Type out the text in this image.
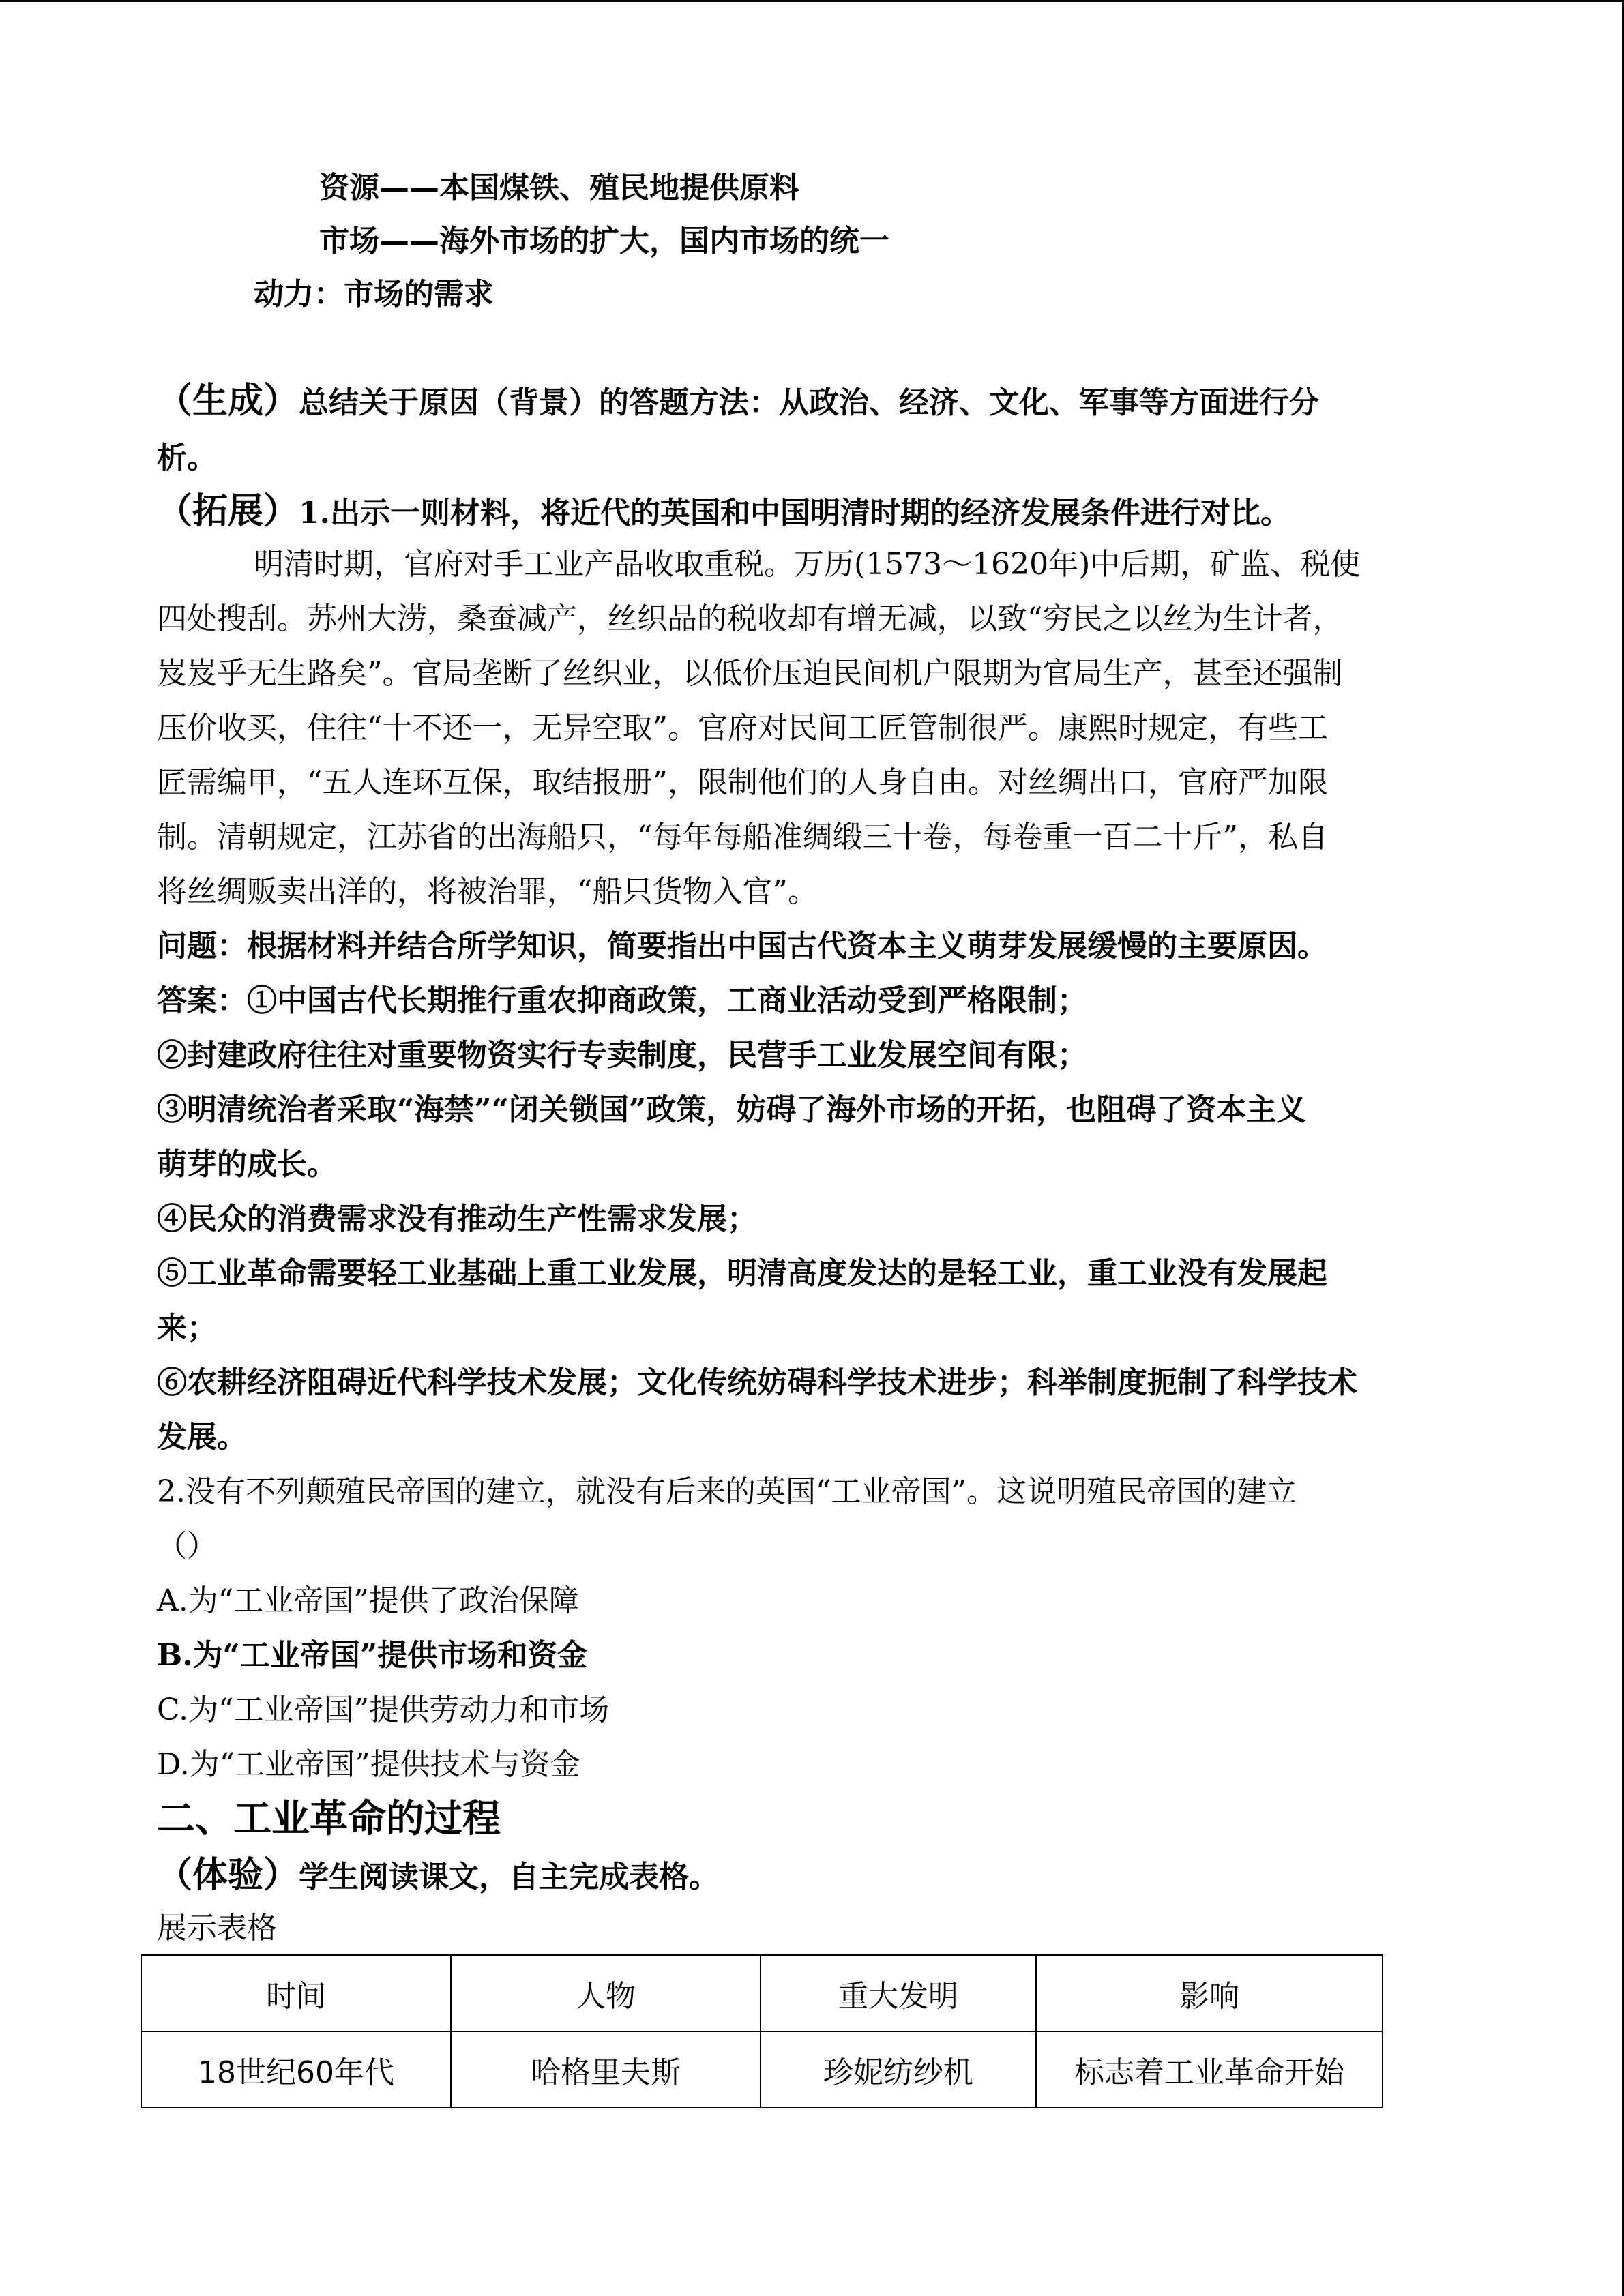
资源——本国煤铁、殖民地提供原料
市场——海外市场的扩大，国内市场的统一
动力：市场的需求
（生成）总结关于原因（背景）的答题方法：从政治、经济、文化、军事等方面进行分
析。
（拓展）1.出示一则材料，将近代的英国和中国明清时期的经济发展条件进行对比。
明清时期，官府对手工业产品收取重税。万历(1573～1620年)中后期，矿监、税使
四处搜刮。苏州大涝，桑蚕减产，丝织品的税收却有增无减，以致“穷民之以丝为生计者，
岌岌乎无生路矣”。官局垄断了丝织业，以低价压迫民间机户限期为官局生产，甚至还强制
压价收买，住往“十不还一，无异空取”。官府对民间工匠管制很严。康熙时规定，有些工
匠需编甲，“五人连环互保，取结报册”，限制他们的人身自由。对丝绸出口，官府严加限
制。清朝规定，江苏省的出海船只，“每年每船准绸缎三十卷，每卷重一百二十斤”，私自
将丝绸贩卖出洋的，将被治罪，“船只货物入官”。
问题：根据材料并结合所学知识，简要指出中国古代资本主义萌芽发展缓慢的主要原因。
答案：①中国古代长期推行重农抑商政策，工商业活动受到严格限制；
②封建政府往往对重要物资实行专卖制度，民营手工业发展空间有限；
③明清统治者采取“海禁”“闭关锁国”政策，妨碍了海外市场的开拓，也阻碍了资本主义
萌芽的成长。
④民众的消费需求没有推动生产性需求发展；
⑤工业革命需要轻工业基础上重工业发展，明清高度发达的是轻工业，重工业没有发展起
来；
⑥农耕经济阻碍近代科学技术发展；文化传统妨碍科学技术进步；科举制度扼制了科学技术
发展。
2.没有不列颠殖民帝国的建立，就没有后来的英国“工业帝国”。这说明殖民帝国的建立
（）
A.为“工业帝国”提供了政治保障
B.为“工业帝国”提供市场和资金
C.为“工业帝国”提供劳动力和市场
D.为“工业帝国”提供技术与资金
二、工业革命的过程
（体验）学生阅读课文，自主完成表格。
展示表格
时间	人物	重大发明	影响
18世纪60年代	哈格里夫斯	珍妮纺纱机	标志着工业革命开始
